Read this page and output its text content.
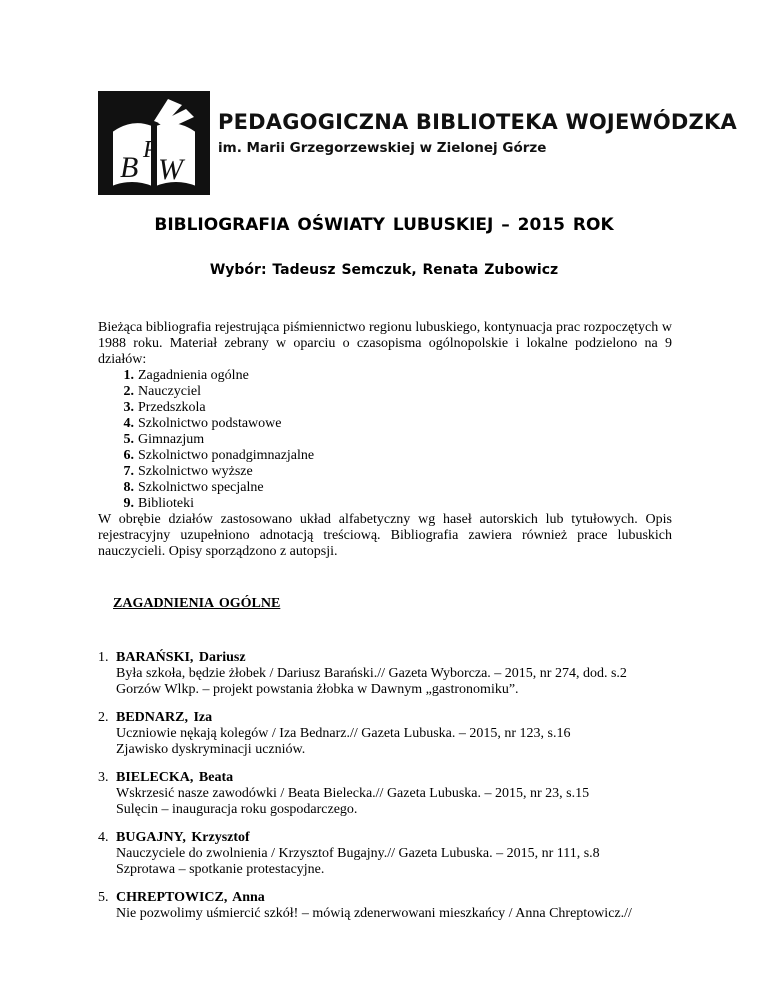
B
P
W
PEDAGOGICZNA BIBLIOTEKA WOJEWÓDZKA
im. Marii Grzegorzewskiej w Zielonej Górze
BIBLIOGRAFIA OŚWIATY LUBUSKIEJ – 2015 ROK
Wybór: Tadeusz Semczuk, Renata Zubowicz

Bieżąca bibliografia rejestrująca piśmiennictwo regionu lubuskiego, kontynuacja prac rozpoczętych w 1988 roku. Materiał zebrany w oparciu o czasopisma ogólnopolskie i lokalne podzielono na 9 działów:

1. Zagadnienia ogólne
2. Nauczyciel
3. Przedszkola
4. Szkolnictwo podstawowe
5. Gimnazjum
6. Szkolnictwo ponadgimnazjalne
7. Szkolnictwo wyższe
8. Szkolnictwo specjalne
9. Biblioteki

W obrębie działów zastosowano układ alfabetyczny wg haseł autorskich lub tytułowych. Opis rejestracyjny uzupełniono adnotacją treściową. Bibliografia zawiera również prace lubuskich nauczycieli. Opisy sporządzono z autopsji.

ZAGADNIENIA OGÓLNE
1. BARAŃSKI, Dariusz
Była szkoła, będzie żłobek / Dariusz Barański.// Gazeta Wyborcza. – 2015, nr 274, dod. s.2
Gorzów Wlkp. – projekt powstania żłobka w Dawnym „gastronomiku”.
2. BEDNARZ, Iza
Uczniowie nękają kolegów / Iza Bednarz.// Gazeta Lubuska. – 2015, nr 123, s.16
Zjawisko dyskryminacji uczniów.
3. BIELECKA, Beata
Wskrzesić nasze zawodówki / Beata Bielecka.// Gazeta Lubuska. – 2015, nr 23, s.15
Sulęcin – inauguracja roku gospodarczego.
4. BUGAJNY, Krzysztof
Nauczyciele do zwolnienia / Krzysztof Bugajny.// Gazeta Lubuska. – 2015, nr 111, s.8
Szprotawa – spotkanie protestacyjne.
5. CHREPTOWICZ, Anna
Nie pozwolimy uśmiercić szkół! – mówią zdenerwowani mieszkańcy / Anna Chreptowicz.//
